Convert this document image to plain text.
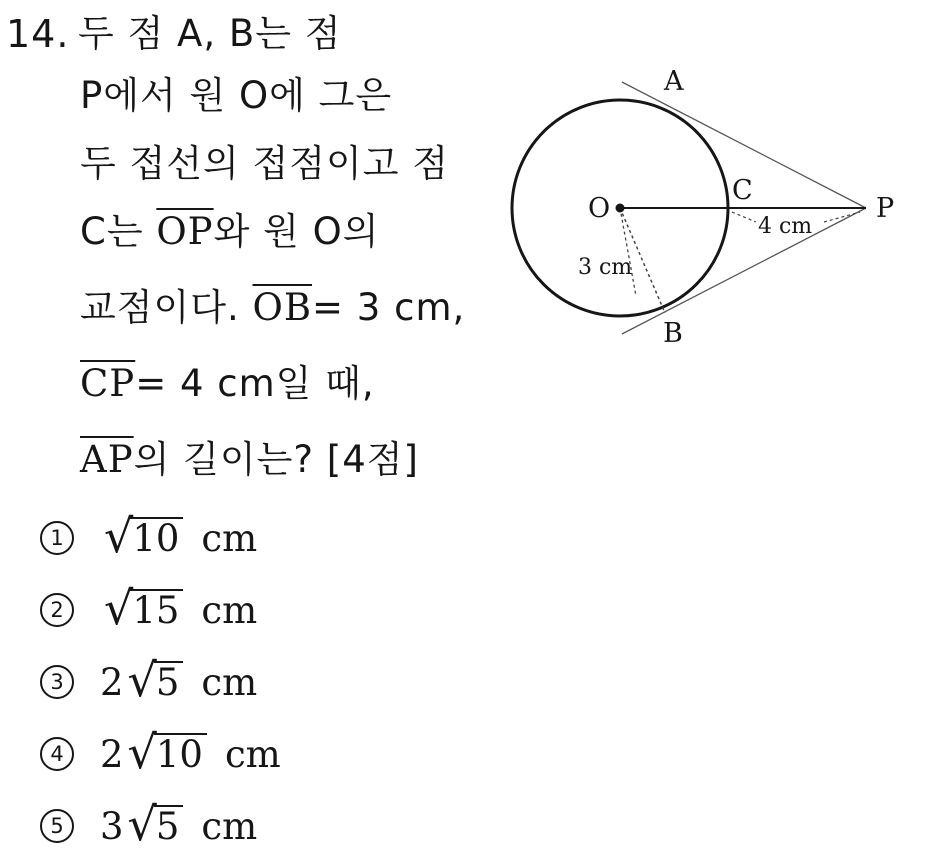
14. 두 점 A, B는 점
P에서 원 O에 그은
두 접선의 접점이고 점
C는 $\overline{OP}$와 원 O의
교점이다. $\overline{OB}= 3$ cm,
$\overline{CP}= 4$ cm일 때,
$\overline{AP}$의 길이는? [4점]
1 √ 10 cm
2 √ 15 cm
3 2 √ 5 cm
4 2 √ 10 cm
5 3 √ 5 cm
A
B
C
O	P
4 cm
3 cm
